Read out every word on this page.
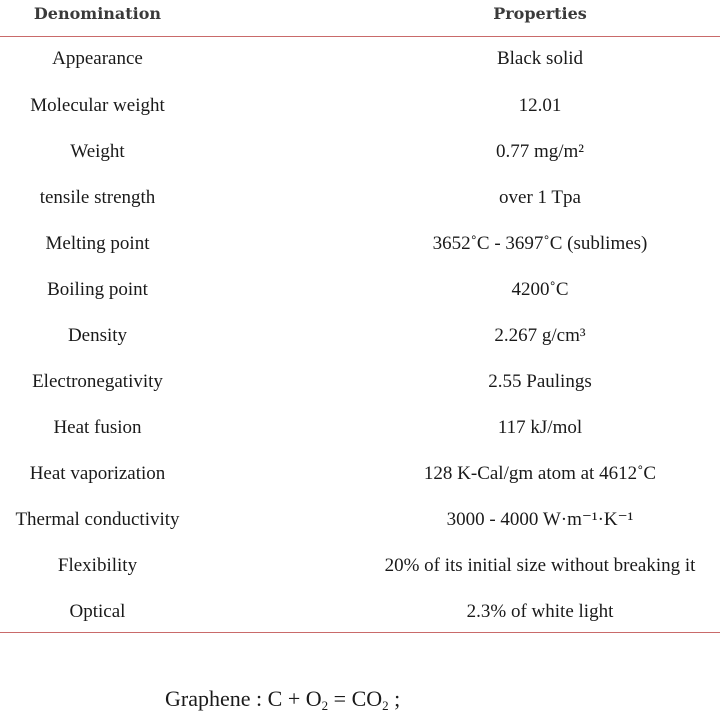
Denomination	Properties
Appearance	Black solid
Molecular weight	12.01
Weight	0.77 mg/m²
tensile strength	over 1 Tpa
Melting point	3652˚C - 3697˚C (sublimes)
Boiling point	4200˚C
Density	2.267 g/cm³
Electronegativity	2.55 Paulings
Heat fusion	117 kJ/mol
Heat vaporization	128 K-Cal/gm atom at 4612˚C
Thermal conductivity	3000 - 4000 W·m⁻¹·K⁻¹
Flexibility	20% of its initial size without breaking it
Optical	2.3% of white light
Graphene : $C + O_2 = CO_2$ ;
